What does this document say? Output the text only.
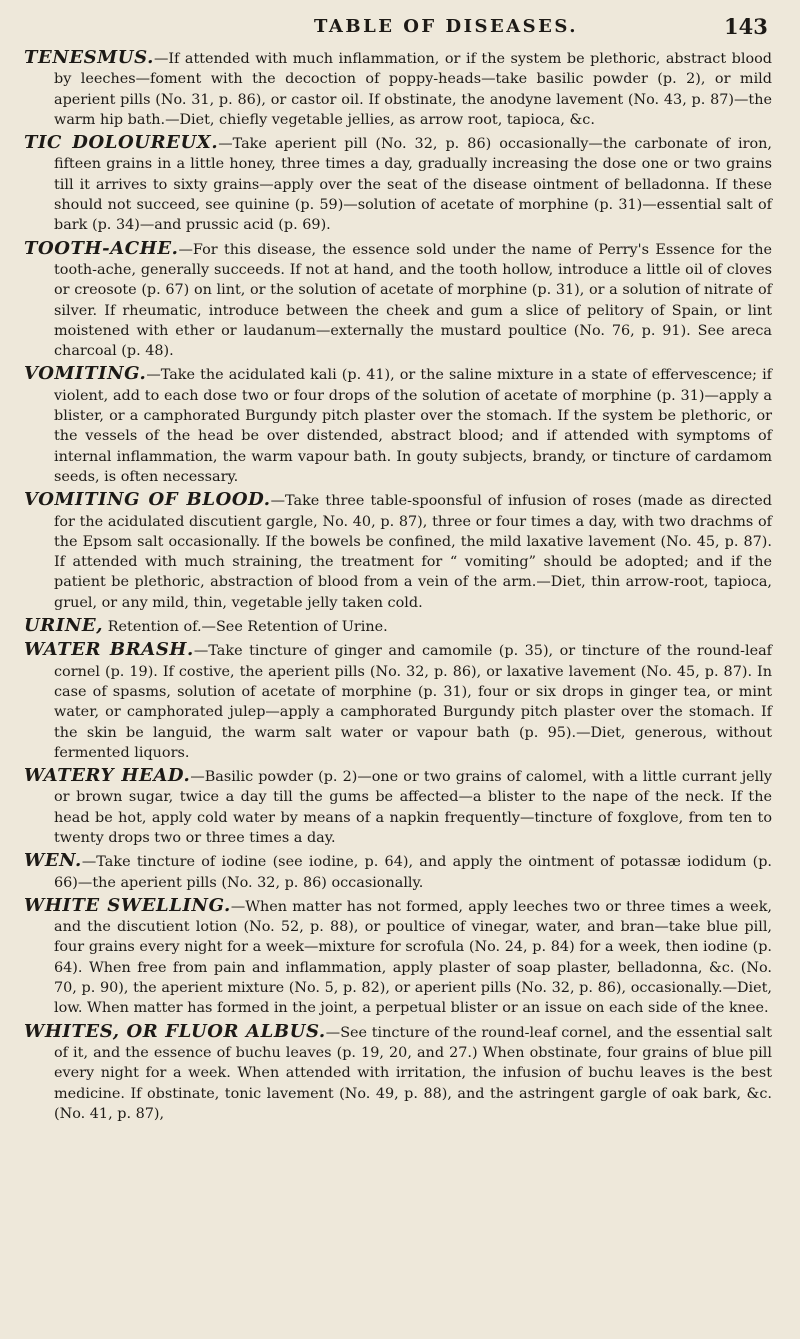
TABLE OF DISEASES.	143

TENESMUS.—If attended with much inflammation, or if the system be plethoric, abstract blood by leeches—foment with the decoction of poppy-heads—take basilic powder (p. 2), or mild aperient pills (No. 31, p. 86), or castor oil. If obstinate, the anodyne lavement (No. 43, p. 87)—the warm hip bath.—Diet, chiefly vegetable jellies, as arrow root, tapioca, &c.

TIC DOLOUREUX.—Take aperient pill (No. 32, p. 86) occasionally—the carbonate of iron, fifteen grains in a little honey, three times a day, gradually increasing the dose one or two grains till it arrives to sixty grains—apply over the seat of the disease ointment of belladonna. If these should not succeed, see quinine (p. 59)—solution of acetate of morphine (p. 31)—essential salt of bark (p. 34)—and prussic acid (p. 69).

TOOTH-ACHE.—For this disease, the essence sold under the name of Perry's Essence for the tooth-ache, generally succeeds. If not at hand, and the tooth hollow, introduce a little oil of cloves or creosote (p. 67) on lint, or the solution of acetate of morphine (p. 31), or a solution of nitrate of silver. If rheumatic, introduce between the cheek and gum a slice of pelitory of Spain, or lint moistened with ether or laudanum—externally the mustard poultice (No. 76, p. 91). See areca charcoal (p. 48).

VOMITING.—Take the acidulated kali (p. 41), or the saline mixture in a state of effervescence; if violent, add to each dose two or four drops of the solution of acetate of morphine (p. 31)—apply a blister, or a camphorated Burgundy pitch plaster over the stomach. If the system be plethoric, or the vessels of the head be over distended, abstract blood; and if attended with symptoms of internal inflammation, the warm vapour bath. In gouty subjects, brandy, or tincture of cardamom seeds, is often necessary.

VOMITING OF BLOOD.—Take three table-spoonsful of infusion of roses (made as directed for the acidulated discutient gargle, No. 40, p. 87), three or four times a day, with two drachms of the Epsom salt occasionally. If the bowels be confined, the mild laxative lavement (No. 45, p. 87). If attended with much straining, the treatment for “ vomiting” should be adopted; and if the patient be plethoric, abstraction of blood from a vein of the arm.—Diet, thin arrow-root, tapioca, gruel, or any mild, thin, vegetable jelly taken cold.

URINE, Retention of.—See Retention of Urine.

WATER BRASH.—Take tincture of ginger and camomile (p. 35), or tincture of the round-leaf cornel (p. 19). If costive, the aperient pills (No. 32, p. 86), or laxative lavement (No. 45, p. 87). In case of spasms, solution of acetate of morphine (p. 31), four or six drops in ginger tea, or mint water, or camphorated julep—apply a camphorated Burgundy pitch plaster over the stomach. If the skin be languid, the warm salt water or vapour bath (p. 95).—Diet, generous, without fermented liquors.

WATERY HEAD.—Basilic powder (p. 2)—one or two grains of calomel, with a little currant jelly or brown sugar, twice a day till the gums be affected—a blister to the nape of the neck. If the head be hot, apply cold water by means of a napkin frequently—tincture of foxglove, from ten to twenty drops two or three times a day.

WEN.—Take tincture of iodine (see iodine, p. 64), and apply the ointment of potassæ iodidum (p. 66)—the aperient pills (No. 32, p. 86) occasionally.

WHITE SWELLING.—When matter has not formed, apply leeches two or three times a week, and the discutient lotion (No. 52, p. 88), or poultice of vinegar, water, and bran—take blue pill, four grains every night for a week—mixture for scrofula (No. 24, p. 84) for a week, then iodine (p. 64). When free from pain and inflammation, apply plaster of soap plaster, belladonna, &c. (No. 70, p. 90), the aperient mixture (No. 5, p. 82), or aperient pills (No. 32, p. 86), occasionally.—Diet, low. When matter has formed in the joint, a perpetual blister or an issue on each side of the knee.

WHITES, OR FLUOR ALBUS.—See tincture of the round-leaf cornel, and the essential salt of it, and the essence of buchu leaves (p. 19, 20, and 27.) When obstinate, four grains of blue pill every night for a week. When attended with irritation, the infusion of buchu leaves is the best medicine. If obstinate, tonic lavement (No. 49, p. 88), and the astringent gargle of oak bark, &c. (No. 41, p. 87),
